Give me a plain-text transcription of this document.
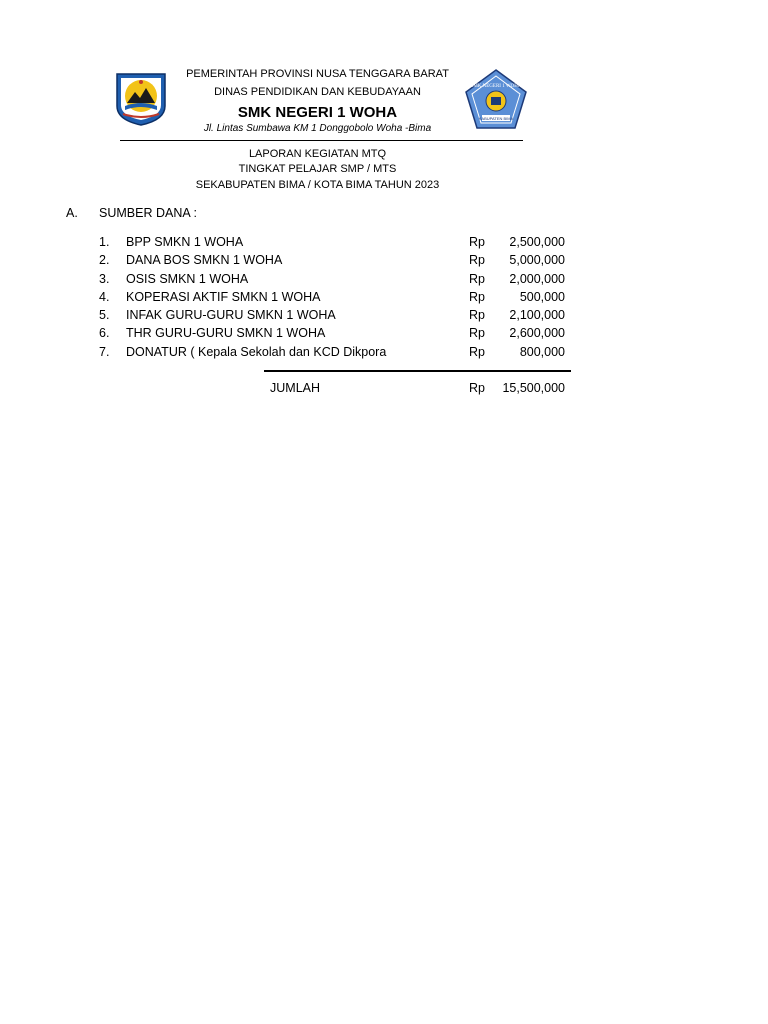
PEMERINTAH PROVINSI NUSA TENGGARA BARAT
DINAS PENDIDIKAN DAN KEBUDAYAAN
SMK NEGERI 1 WOHA
Jl. Lintas Sumbawa KM 1 Donggobolo Woha -Bima
SMK NEGERI 1 WOHA
KABUPATEN BIMA
LAPORAN KEGIATAN MTQ
TINGKAT PELAJAR SMP / MTS
SEKABUPATEN BIMA / KOTA BIMA TAHUN 2023
A. SUMBER DANA :
1. BPP SMKN 1 WOHA	Rp 2,500,000
2. DANA BOS SMKN 1 WOHA	Rp 5,000,000
3. OSIS SMKN 1 WOHA	Rp 2,000,000
4. KOPERASI AKTIF SMKN 1 WOHA	Rp	500,000
5. INFAK GURU-GURU SMKN 1 WOHA	Rp 2,100,000
6. THR GURU-GURU SMKN 1 WOHA	Rp 2,600,000
7. DONATUR ( Kepala Sekolah dan KCD Dikpora	Rp	800,000
JUMLAH	Rp 15,500,000
